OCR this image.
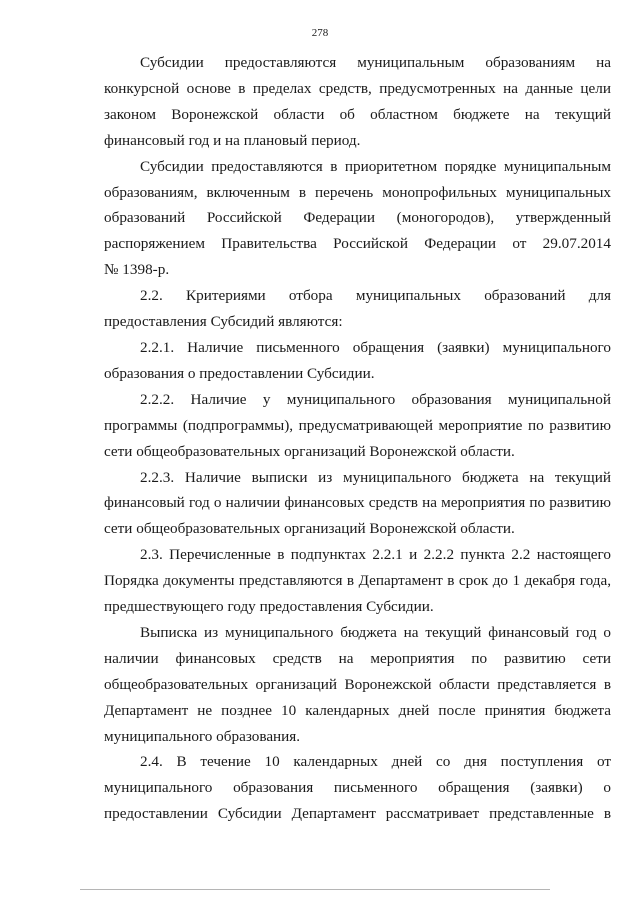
278

Субсидии предоставляются муниципальным образованиям на
конкурсной основе в пределах средств, предусмотренных на данные цели
законом Воронежской области об областном бюджете на текущий
финансовый год и на плановый период.

Субсидии предоставляются в приоритетном порядке муниципальным
образованиям, включенным в перечень монопрофильных муниципальных
образований Российской Федерации (моногородов), утвержденный
распоряжением Правительства Российской Федерации от 29.07.2014
№ 1398-р.

2.2. Критериями отбора муниципальных образований для
предоставления Субсидий являются:

2.2.1. Наличие письменного обращения (заявки) муниципального
образования о предоставлении Субсидии.

2.2.2. Наличие у муниципального образования муниципальной
программы (подпрограммы), предусматривающей мероприятие по развитию
сети общеобразовательных организаций Воронежской области.

2.2.3. Наличие выписки из муниципального бюджета на текущий
финансовый год о наличии финансовых средств на мероприятия по развитию
сети общеобразовательных организаций Воронежской области.

2.3. Перечисленные в подпунктах 2.2.1 и 2.2.2 пункта 2.2 настоящего
Порядка документы представляются в Департамент в срок до 1 декабря года,
предшествующего году предоставления Субсидии.

Выписка из муниципального бюджета на текущий финансовый год о
наличии финансовых средств на мероприятия по развитию сети
общеобразовательных организаций Воронежской области представляется в
Департамент не позднее 10 календарных дней после принятия бюджета
муниципального образования.

2.4. В течение 10 календарных дней со дня поступления от
муниципального образования письменного обращения (заявки) о
предоставлении Субсидии Департамент рассматривает представленные в
